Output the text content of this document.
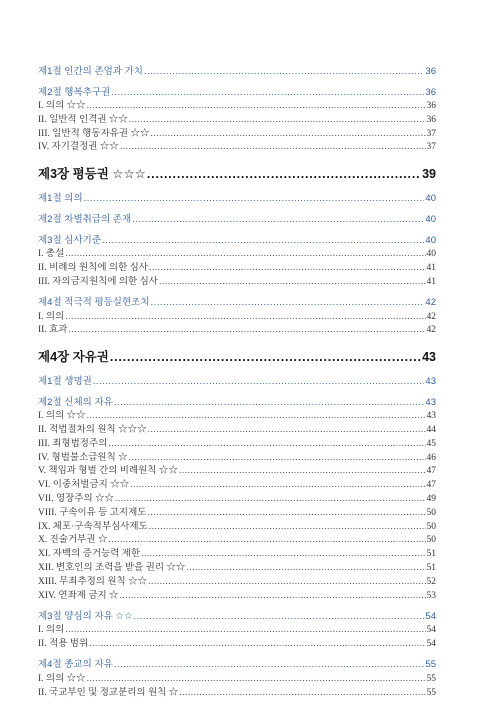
제1절 인간의 존엄과 가치 .....	36
제2절 행복추구권 .....	36
I. 의의 ☆☆ .....	36
II. 일반적 인격권 ☆☆ .....	36
III. 일반적 행동자유권 ☆☆ .....	37
IV. 자기결정권 ☆☆ .....	37
제3장 평등권 ☆☆☆ .....	39
제1절 의의 .....	40
제2절 차별취급의 존재 .....	40
제3절 심사기준 .....	40
I. 총설 .....	40
II. 비례의 원칙에 의한 심사 .....	41
III. 자의금지원칙에 의한 심사 .....	41
제4절 적극적 평등실현조치 .....	42
I. 의의 .....	42
II. 효과 .....	42
제4장 자유권 .....	43
제1절 생명권 .....	43
제2절 신체의 자유 .....	43
I. 의의 ☆☆ .....	43
II. 적법절차의 원칙 ☆☆☆ .....	44
III. 죄형법정주의 .....	45
IV. 형벌불소급원칙 ☆ .....	46
V. 책임과 형벌 간의 비례원칙 ☆☆ .....	47
VI. 이중처벌금지 ☆☆ .....	47
VII. 영장주의 ☆☆ .....	49
VIII. 구속이유 등 고지제도 .....	50
IX. 체포·구속적부심사제도 .....	50
X. 진술거부권 ☆ .....	50
XI. 자백의 증거능력 제한 .....	51
XII. 변호인의 조력을 받을 권리 ☆☆ .....	51
XIII. 무죄추정의 원칙 ☆☆ .....	52
XIV. 연좌제 금지 ☆ .....	53
제3절 양심의 자유 ☆☆ .....	54
I. 의의 .....	54
II. 적용 범위 .....	54
제4절 종교의 자유 .....	55
I. 의의 ☆☆ .....	55
II. 국교부인 및 정교분리의 원칙 ☆ .....	55
